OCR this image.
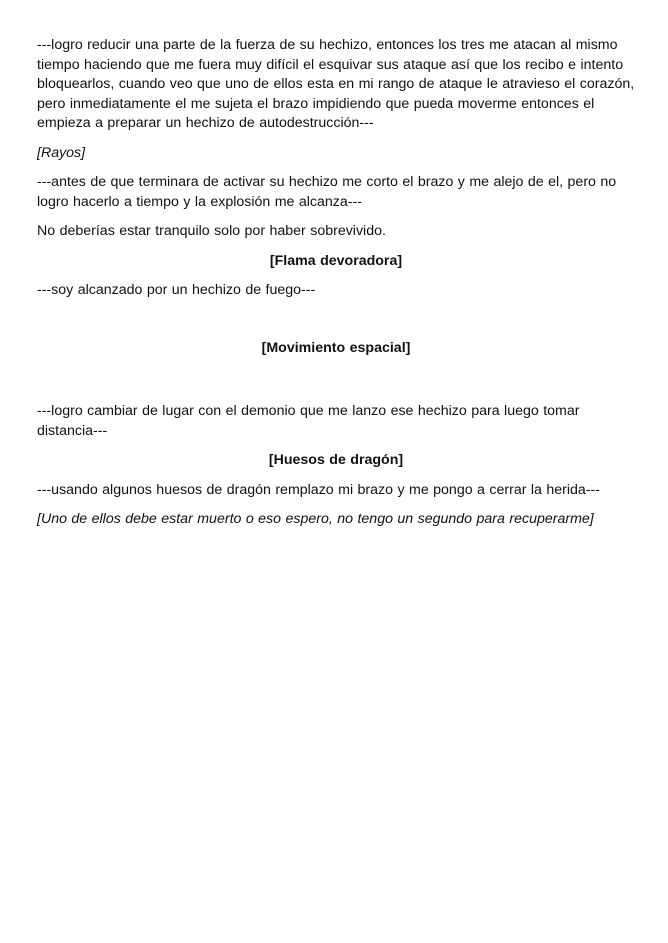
---logro reducir una parte de la fuerza de su hechizo, entonces los tres me atacan al mismo tiempo haciendo que me fuera muy difícil el esquivar sus ataque así que los recibo e intento bloquearlos, cuando veo que uno de ellos esta en mi rango de ataque le atravieso el corazón, pero inmediatamente el me sujeta el brazo impidiendo que pueda moverme entonces el empieza a preparar un hechizo de autodestrucción---

[Rayos]

---antes de que terminara de activar su hechizo me corto el brazo y me alejo de el, pero no logro hacerlo a tiempo y la explosión me alcanza---

No deberías estar tranquilo solo por haber sobrevivido.

[Flama devoradora]

---soy alcanzado por un hechizo de fuego---

[Movimiento espacial]

---logro cambiar de lugar con el demonio que me lanzo ese hechizo para luego tomar distancia---

[Huesos de dragón]

---usando algunos huesos de dragón remplazo mi brazo y me pongo a cerrar la herida---

[Uno de ellos debe estar muerto o eso espero, no tengo un segundo para recuperarme]
